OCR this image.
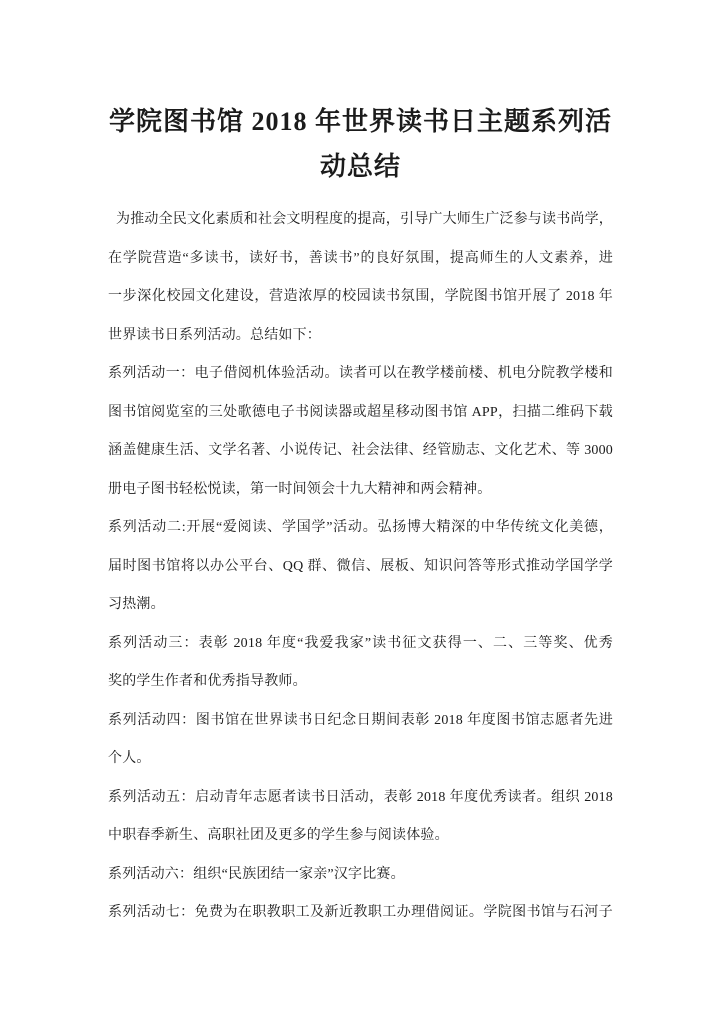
学院图书馆 2018 年世界读书日主题系列活
动总结

为推动全民文化素质和社会文明程度的提高，引导广大师生广泛参与读书尚学，

在学院营造“多读书，读好书，善读书”的良好氛围，提高师生的人文素养，进

一步深化校园文化建设，营造浓厚的校园读书氛围，学院图书馆开展了 2018 年

世界读书日系列活动。总结如下：

系列活动一：电子借阅机体验活动。读者可以在教学楼前楼、机电分院教学楼和

图书馆阅览室的三处歌德电子书阅读器或超星移动图书馆 APP，扫描二维码下载

涵盖健康生活、文学名著、小说传记、社会法律、经管励志、文化艺术、等 3000

册电子图书轻松悦读，第一时间领会十九大精神和两会精神。

系列活动二:开展“爱阅读、学国学”活动。弘扬博大精深的中华传统文化美德，

届时图书馆将以办公平台、QQ 群、微信、展板、知识问答等形式推动学国学学

习热潮。

系列活动三：表彰 2018 年度“我爱我家”读书征文获得一、二、三等奖、优秀

奖的学生作者和优秀指导教师。

系列活动四：图书馆在世界读书日纪念日期间表彰 2018 年度图书馆志愿者先进

个人。

系列活动五：启动青年志愿者读书日活动，表彰 2018 年度优秀读者。组织 2018

中职春季新生、高职社团及更多的学生参与阅读体验。

系列活动六：组织“民族团结一家亲”汉字比赛。

系列活动七：免费为在职教职工及新近教职工办理借阅证。学院图书馆与石河子
